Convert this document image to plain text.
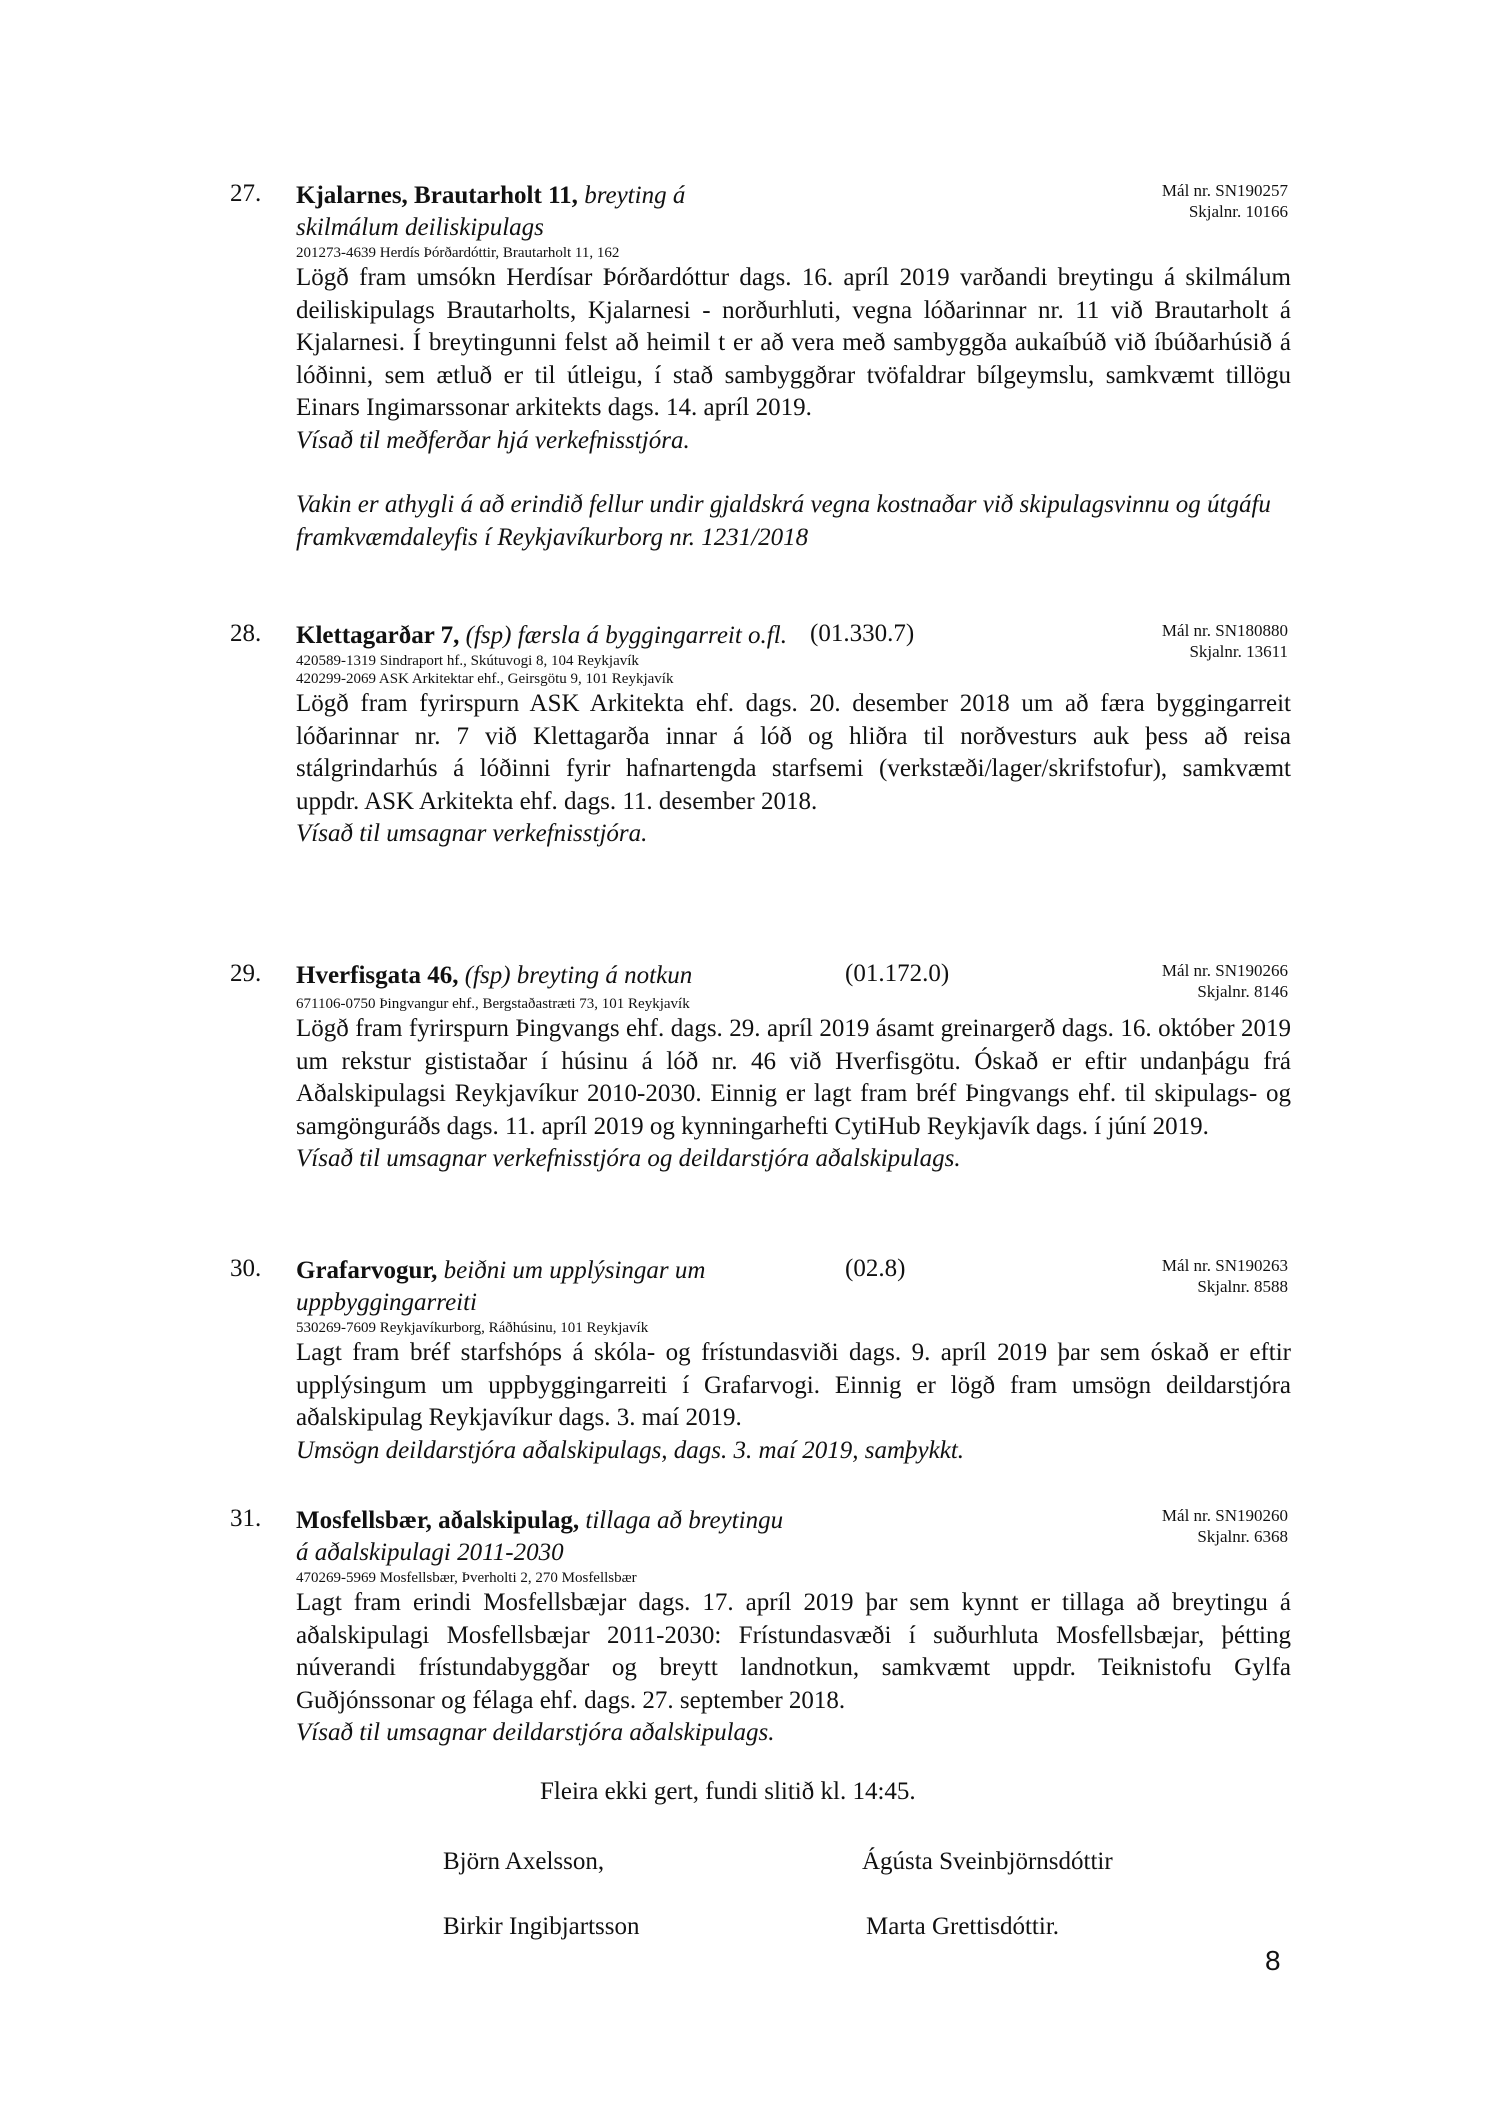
27.	Mál nr. SN190257
Skjalnr. 10166
Kjalarnes, Brautarholt 11, breyting á skilmálum deiliskipulags
201273-4639 Herdís Þórðardóttir, Brautarholt 11, 162
Lögð fram umsókn Herdísar Þórðardóttur dags. 16. apríl 2019 varðandi breytingu á skilmálum deiliskipulags Brautarholts, Kjalarnesi - norðurhluti, vegna lóðarinnar nr. 11 við Brautarholt á Kjalarnesi. Í breytingunni felst að heimil t er að vera með sambyggða aukaíbúð við íbúðarhúsið á lóðinni, sem ætluð er til útleigu, í stað sambyggðrar tvöfaldrar bílgeymslu, samkvæmt tillögu Einars Ingimarssonar arkitekts dags. 14. apríl 2019.
Vísað til meðferðar hjá verkefnisstjóra.
Vakin er athygli á að erindið fellur undir gjaldskrá vegna kostnaðar við skipulagsvinnu og útgáfu framkvæmdaleyfis í Reykjavíkurborg nr. 1231/2018
28.	(01.330.7)	Mál nr. SN180880
Skjalnr. 13611
Klettagarðar 7, (fsp) færsla á byggingarreit o.fl.
420589-1319 Sindraport hf., Skútuvogi 8, 104 Reykjavík
420299-2069 ASK Arkitektar ehf., Geirsgötu 9, 101 Reykjavík
Lögð fram fyrirspurn ASK Arkitekta ehf. dags. 20. desember 2018 um að færa byggingarreit lóðarinnar nr. 7 við Klettagarða innar á lóð og hliðra til norðvesturs auk þess að reisa stálgrindarhús á lóðinni fyrir hafnartengda starfsemi (verkstæði/lager/skrifstofur), samkvæmt uppdr. ASK Arkitekta ehf. dags. 11. desember 2018.
Vísað til umsagnar verkefnisstjóra.
29.	(01.172.0)	Mál nr. SN190266
Skjalnr. 8146
Hverfisgata 46, (fsp) breyting á notkun
671106-0750 Þingvangur ehf., Bergstaðastræti 73, 101 Reykjavík
Lögð fram fyrirspurn Þingvangs ehf. dags. 29. apríl 2019 ásamt greinargerð dags. 16. október 2019 um rekstur gististaðar í húsinu á lóð nr. 46 við Hverfisgötu. Óskað er eftir undanþágu frá Aðalskipulagsi Reykjavíkur 2010-2030. Einnig er lagt fram bréf Þingvangs ehf. til skipulags- og samgönguráðs dags. 11. apríl 2019 og kynningarhefti CytiHub Reykjavík dags. í júní 2019.
Vísað til umsagnar verkefnisstjóra og deildarstjóra aðalskipulags.
30.	(02.8)	Mál nr. SN190263
Skjalnr. 8588
Grafarvogur, beiðni um upplýsingar um uppbyggingarreiti
530269-7609 Reykjavíkurborg, Ráðhúsinu, 101 Reykjavík
Lagt fram bréf starfshóps á skóla- og frístundasviði dags. 9. apríl 2019 þar sem óskað er eftir upplýsingum um uppbyggingarreiti í Grafarvogi. Einnig er lögð fram umsögn deildarstjóra aðalskipulag Reykjavíkur dags. 3. maí 2019.
Umsögn deildarstjóra aðalskipulags, dags. 3. maí 2019, samþykkt.
31.	Mál nr. SN190260
Skjalnr. 6368
Mosfellsbær, aðalskipulag, tillaga að breytingu á aðalskipulagi 2011-2030
470269-5969 Mosfellsbær, Þverholti 2, 270 Mosfellsbær
Lagt fram erindi Mosfellsbæjar dags. 17. apríl 2019 þar sem kynnt er tillaga að breytingu á aðalskipulagi Mosfellsbæjar 2011-2030: Frístundasvæði í suðurhluta Mosfellsbæjar, þétting núverandi frístundabyggðar og breytt landnotkun, samkvæmt uppdr. Teiknistofu Gylfa Guðjónssonar og félaga ehf. dags. 27. september 2018.
Vísað til umsagnar deildarstjóra aðalskipulags.
Fleira ekki gert, fundi slitið kl. 14:45.
Björn Axelsson,	Ágústa Sveinbjörnsdóttir
Birkir Ingibjartsson	Marta Grettisdóttir.
8
